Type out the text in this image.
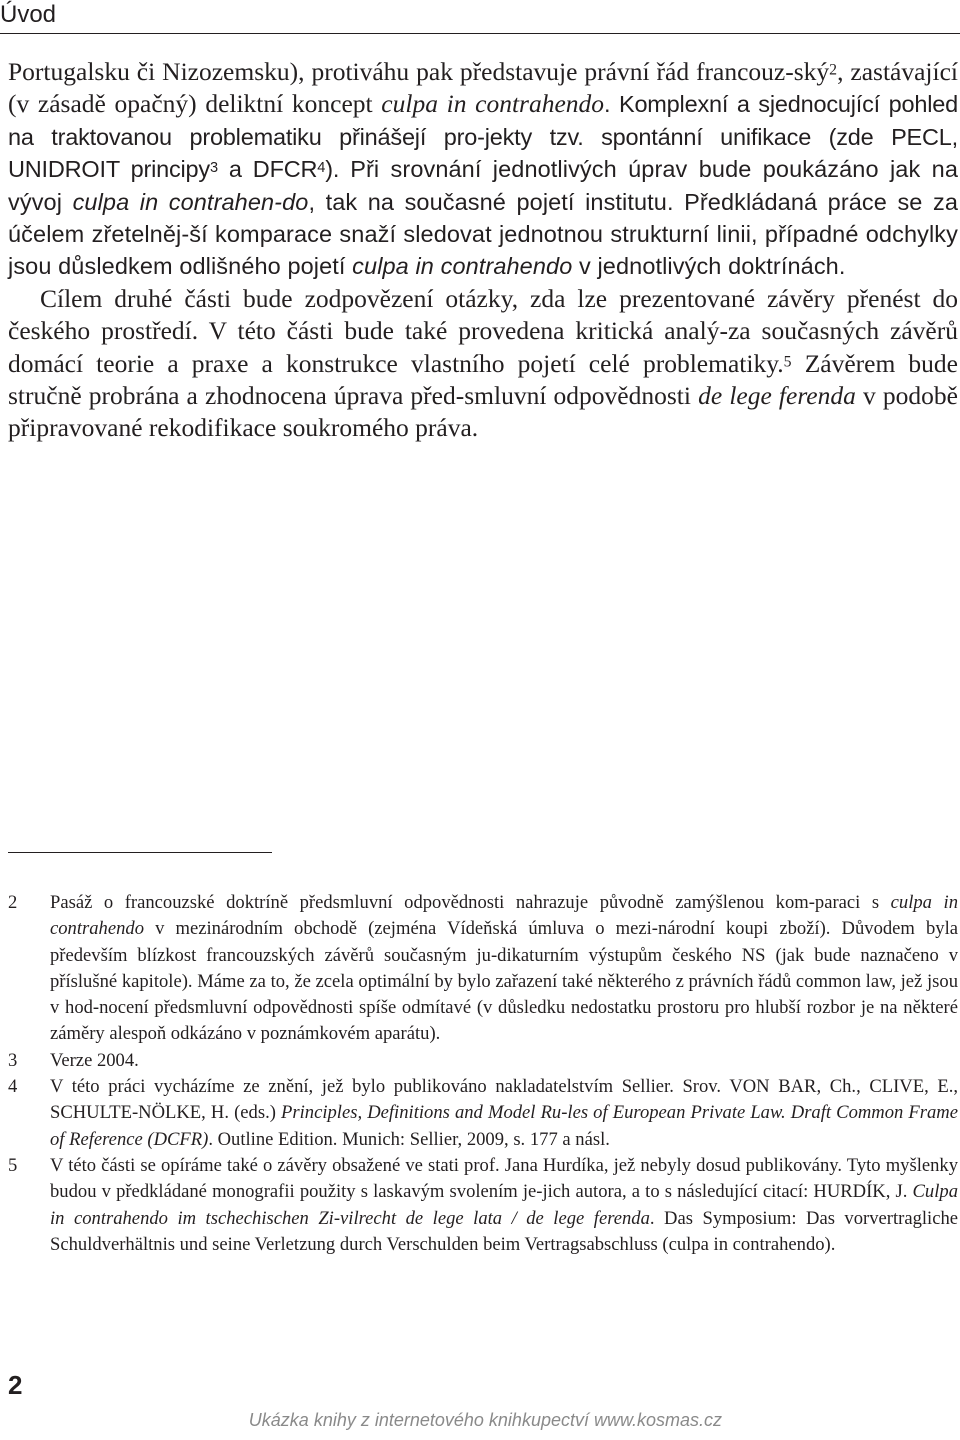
Úvod

Portugalsku či Nizozemsku), protiváhu pak představuje právní řád francouz-ský$^2$, zastávající (v zásadě opačný) deliktní koncept culpa in contrahendo. Komplexní a sjednocující pohled na traktovanou problematiku přinášejí pro-jekty tzv. spontánní unifikace (zde PECL, UNIDROIT principy$^3$ a DFCR$^4$). Při srovnání jednotlivých úprav bude poukázáno jak na vývoj culpa in contrahen-do, tak na současné pojetí institutu. Předkládaná práce se za účelem zřetelněj-ší komparace snaží sledovat jednotnou strukturní linii, případné odchylky jsou důsledkem odlišného pojetí culpa in contrahendo v jednotlivých doktrínách.

Cílem druhé části bude zodpovězení otázky, zda lze prezentované závěry přenést do českého prostředí. V této části bude také provedena kritická analý-za současných závěrů domácí teorie a praxe a konstrukce vlastního pojetí celé problematiky.$^5$ Závěrem bude stručně probrána a zhodnocena úprava před-smluvní odpovědnosti de lege ferenda v podobě připravované rekodifikace soukromého práva.

2 Pasáž o francouzské doktríně předsmluvní odpovědnosti nahrazuje původně zamýšlenou kom-paraci s culpa in contrahendo v mezinárodním obchodě (zejména Vídeňská úmluva o mezi-národní koupi zboží). Důvodem byla především blízkost francouzských závěrů současným ju-dikaturním výstupům českého NS (jak bude naznačeno v příslušné kapitole). Máme za to, že zcela optimální by bylo zařazení také některého z právních řádů common law, jež jsou v hod-nocení předsmluvní odpovědnosti spíše odmítavé (v důsledku nedostatku prostoru pro hlubší rozbor je na některé záměry alespoň odkázáno v poznámkovém aparátu).
3 Verze 2004.
4 V této práci vycházíme ze znění, jež bylo publikováno nakladatelstvím Sellier. Srov. VON BAR, Ch., CLIVE, E., SCHULTE-NÖLKE, H. (eds.) Principles, Definitions and Model Ru-les of European Private Law. Draft Common Frame of Reference (DCFR). Outline Edition. Munich: Sellier, 2009, s. 177 a násl.
5 V této části se opíráme také o závěry obsažené ve stati prof. Jana Hurdíka, jež nebyly dosud publikovány. Tyto myšlenky budou v předkládané monografii použity s laskavým svolením je-jich autora, a to s následující citací: HURDÍK, J. Culpa in contrahendo im tschechischen Zi-vilrecht de lege lata / de lege ferenda. Das Symposium: Das vorvertragliche Schuldverhältnis und seine Verletzung durch Verschulden beim Vertragsabschluss (culpa in contrahendo).
2
Ukázka knihy z internetového knihkupectví www.kosmas.cz
